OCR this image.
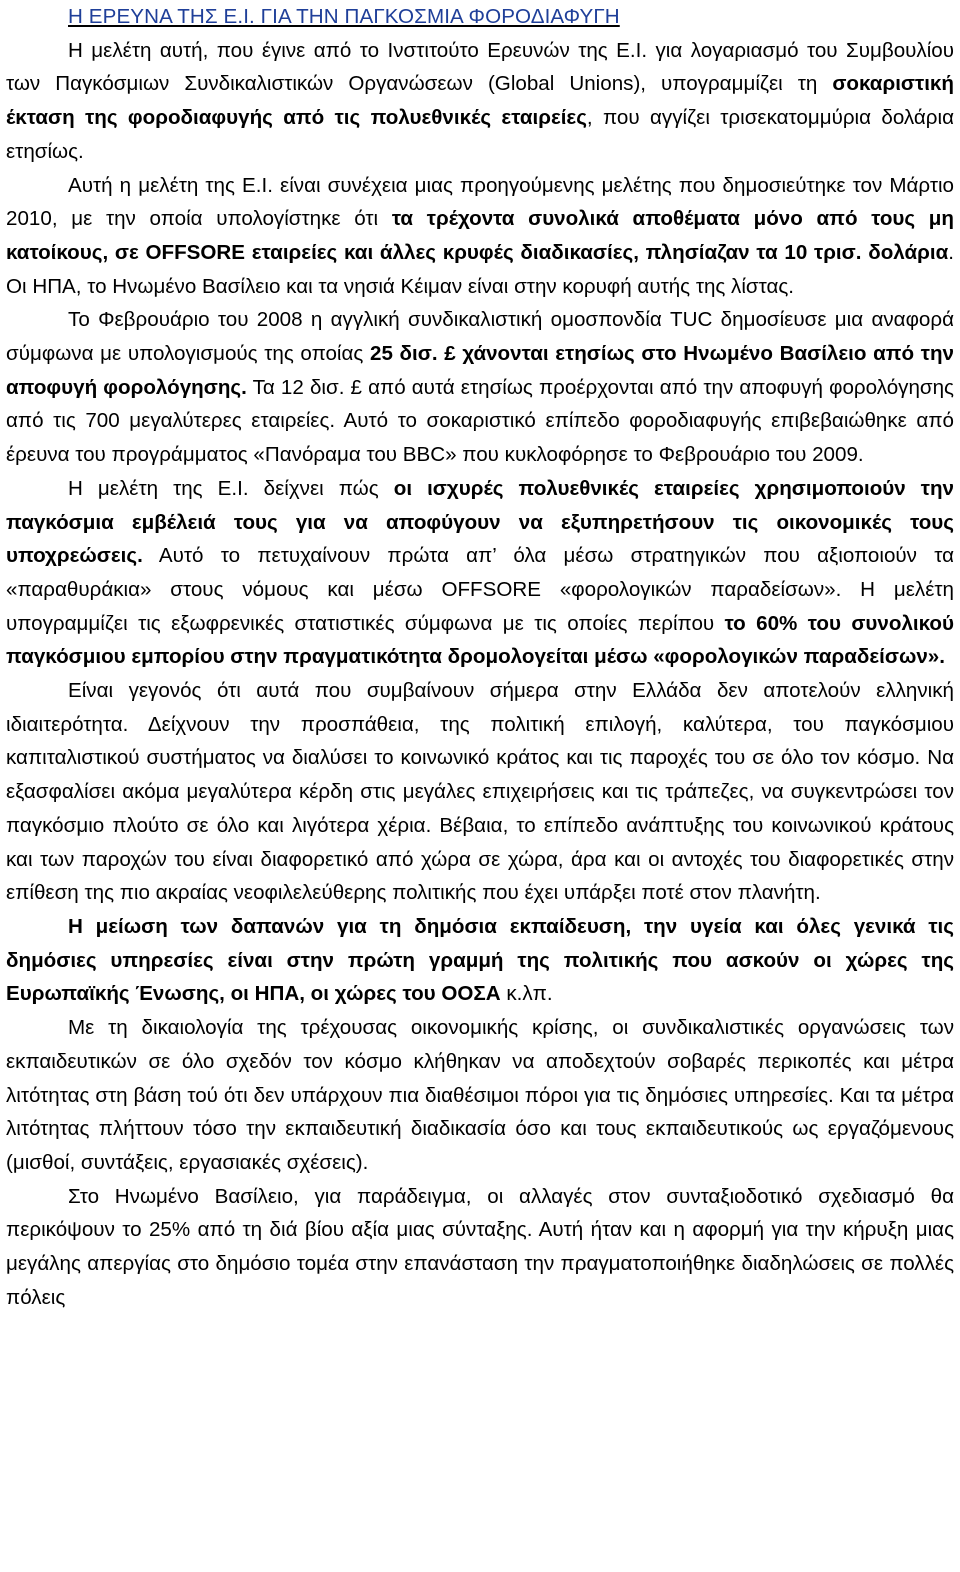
Η ΕΡΕΥΝΑ ΤΗΣ Ε.Ι. ΓΙΑ ΤΗΝ ΠΑΓΚΟΣΜΙΑ ΦΟΡΟΔΙΑΦΥΓΗ

Η μελέτη αυτή, που έγινε από το Ινστιτούτο Ερευνών της Ε.Ι. για λογαριασμό του Συμβουλίου των Παγκόσμιων Συνδικαλιστικών Οργανώσεων (Global Unions), υπογραμμίζει τη σοκαριστική έκταση της φοροδιαφυγής από τις πολυεθνικές εταιρείες, που αγγίζει τρισεκατομμύρια δολάρια ετησίως.

Αυτή η μελέτη της Ε.Ι. είναι συνέχεια μιας προηγούμενης μελέτης που δημοσιεύτηκε τον Μάρτιο 2010, με την οποία υπολογίστηκε ότι τα τρέχοντα συνολικά αποθέματα μόνο από τους μη κατοίκους, σε OFFSORE εταιρείες και άλλες κρυφές διαδικασίες, πλησίαζαν τα 10 τρισ. δολάρια. Οι ΗΠΑ, το Ηνωμένο Βασίλειο και τα νησιά Κέιμαν είναι στην κορυφή αυτής της λίστας.

Το Φεβρουάριο του 2008 η αγγλική συνδικαλιστική ομοσπονδία TUC δημοσίευσε μια αναφορά σύμφωνα με υπολογισμούς της οποίας 25 δισ. £ χάνονται ετησίως στο Ηνωμένο Βασίλειο από την αποφυγή φορολόγησης. Τα 12 δισ. £ από αυτά ετησίως προέρχονται από την αποφυγή φορολόγησης από τις 700 μεγαλύτερες εταιρείες. Αυτό το σοκαριστικό επίπεδο φοροδιαφυγής επιβεβαιώθηκε από έρευνα του προγράμματος «Πανόραμα του BBC» που κυκλοφόρησε το Φεβρουάριο του 2009.

Η μελέτη της Ε.Ι. δείχνει πώς οι ισχυρές πολυεθνικές εταιρείες χρησιμοποιούν την παγκόσμια εμβέλειά τους για να αποφύγουν να εξυπηρετήσουν τις οικονομικές τους υποχρεώσεις. Αυτό το πετυχαίνουν πρώτα απ’ όλα μέσω στρατηγικών που αξιοποιούν τα «παραθυράκια» στους νόμους και μέσω OFFSORE «φορολογικών παραδείσων». Η μελέτη υπογραμμίζει τις εξωφρενικές στατιστικές σύμφωνα με τις οποίες περίπου το 60% του συνολικού παγκόσμιου εμπορίου στην πραγματικότητα δρομολογείται μέσω «φορολογικών παραδείσων».

Είναι γεγονός ότι αυτά που συμβαίνουν σήμερα στην Ελλάδα δεν αποτελούν ελληνική ιδιαιτερότητα. Δείχνουν την προσπάθεια, της πολιτική επιλογή, καλύτερα, του παγκόσμιου καπιταλιστικού συστήματος να διαλύσει το κοινωνικό κράτος και τις παροχές του σε όλο τον κόσμο. Να εξασφαλίσει ακόμα μεγαλύτερα κέρδη στις μεγάλες επιχειρήσεις και τις τράπεζες, να συγκεντρώσει τον παγκόσμιο πλούτο σε όλο και λιγότερα χέρια. Βέβαια, το επίπεδο ανάπτυξης του κοινωνικού κράτους και των παροχών του είναι διαφορετικό από χώρα σε χώρα, άρα και οι αντοχές του διαφορετικές στην επίθεση της πιο ακραίας νεοφιλελεύθερης πολιτικής που έχει υπάρξει ποτέ στον πλανήτη.

Η μείωση των δαπανών για τη δημόσια εκπαίδευση, την υγεία και όλες γενικά τις δημόσιες υπηρεσίες είναι στην πρώτη γραμμή της πολιτικής που ασκούν οι χώρες της Ευρωπαϊκής Ένωσης, οι ΗΠΑ, οι χώρες του ΟΟΣΑ κ.λπ.

Με τη δικαιολογία της τρέχουσας οικονομικής κρίσης, οι συνδικαλιστικές οργανώσεις των εκπαιδευτικών σε όλο σχεδόν τον κόσμο κλήθηκαν να αποδεχτούν σοβαρές περικοπές και μέτρα λιτότητας στη βάση τού ότι δεν υπάρχουν πια διαθέσιμοι πόροι για τις δημόσιες υπηρεσίες. Και τα μέτρα λιτότητας πλήττουν τόσο την εκπαιδευτική διαδικασία όσο και τους εκπαιδευτικούς ως εργαζόμενους (μισθοί, συντάξεις, εργασιακές σχέσεις).

Στο Ηνωμένο Βασίλειο, για παράδειγμα, οι αλλαγές στον συνταξιοδοτικό σχεδιασμό θα περικόψουν το 25% από τη διά βίου αξία μιας σύνταξης. Αυτή ήταν και η αφορμή για την κήρυξη μιας μεγάλης απεργίας στο δημόσιο τομέα στην επανάσταση την πραγματοποιήθηκε διαδηλώσεις σε πολλές πόλεις
